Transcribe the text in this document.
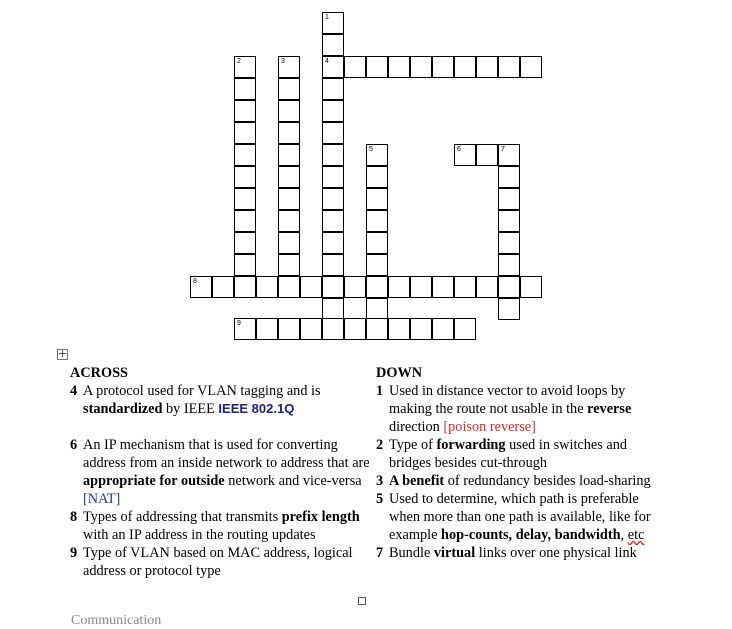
1
4
2	3
5	6	7
8
9
+
ACROSS
4 A protocol used for VLAN tagging and is standardized by IEEE IEEE 802.1Q
6 An IP mechanism that is used for converting address from an inside network to address that are appropriate for outside network and vice-versa [NAT]
8 Types of addressing that transmits prefix length with an IP address in the routing updates
9 Type of VLAN based on MAC address, logical address or protocol type
DOWN
1 Used in distance vector to avoid loops by making the route not usable in the reverse direction [poison reverse]
2 Type of forwarding used in switches and bridges besides cut-through
3 A benefit of redundancy besides load-sharing
5 Used to determine, which path is preferable when more than one path is available, like for example hop-counts, delay, bandwidth, etc
7 Bundle virtual links over one physical link
Communication
